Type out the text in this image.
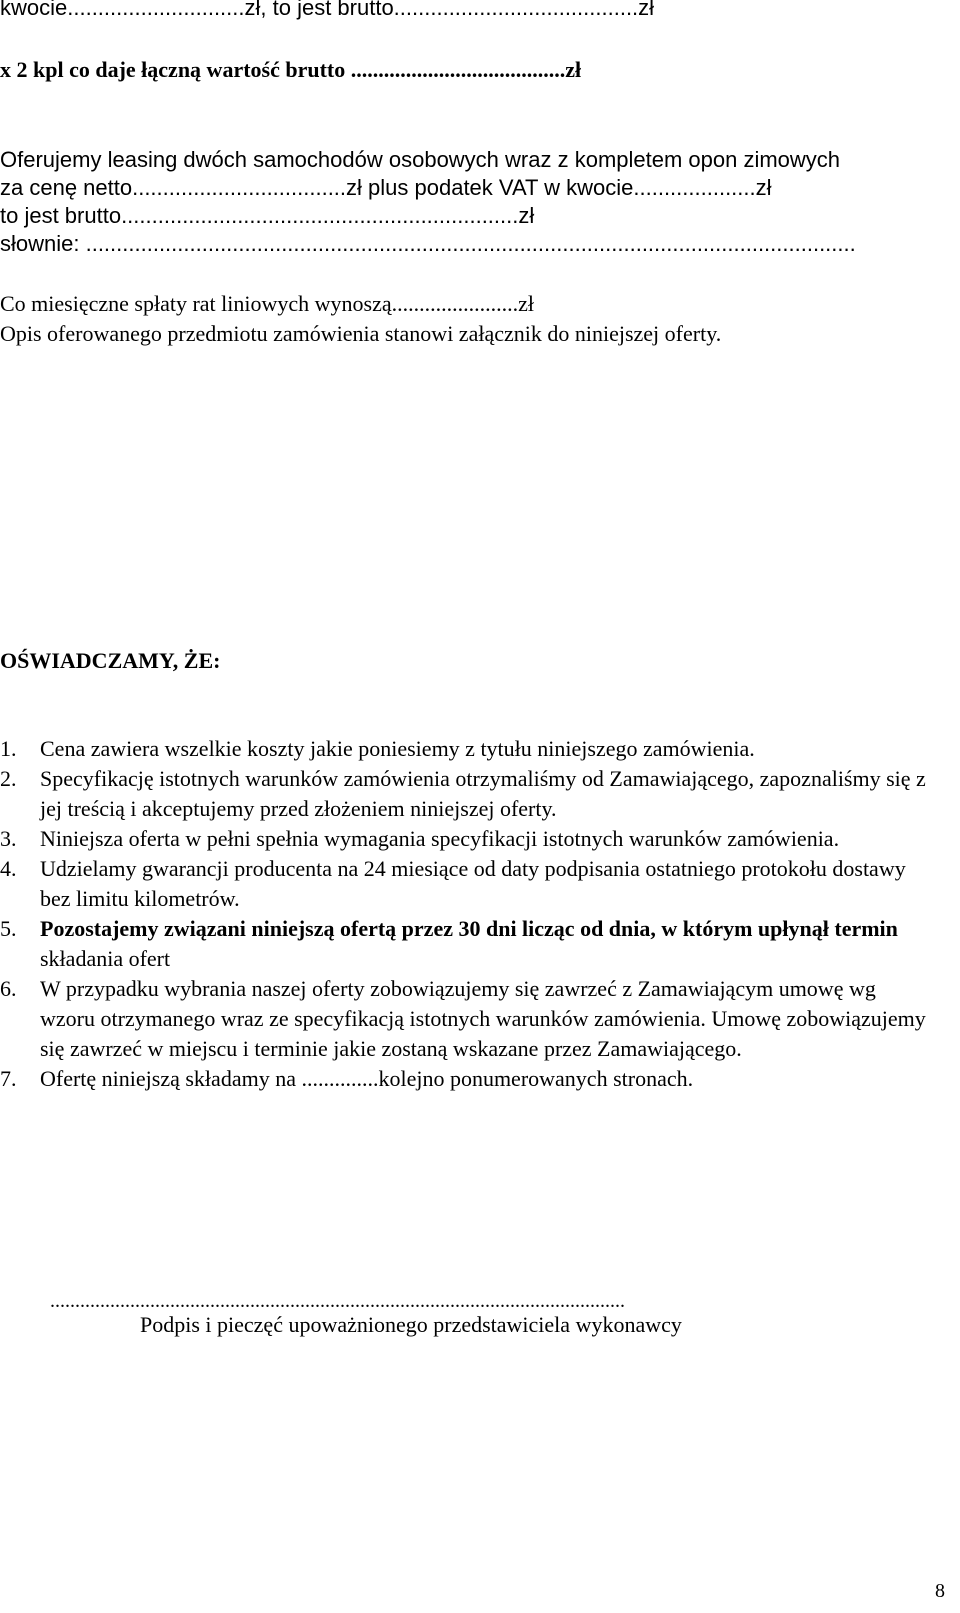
kwocie.............................zł, to jest brutto........................................zł
x 2 kpl co daje łączną wartość brutto .......................................zł
Oferujemy leasing dwóch samochodów osobowych wraz z kompletem opon zimowych
za cenę netto...................................zł plus podatek VAT w kwocie....................zł
to jest brutto.................................................................zł
słownie: ..............................................................................................................................
Co miesięczne spłaty rat liniowych wynoszą.......................zł
Opis oferowanego przedmiotu zamówienia stanowi załącznik do niniejszej oferty.
OŚWIADCZAMY, ŻE:
1. Cena zawiera wszelkie koszty jakie poniesiemy z tytułu niniejszego zamówienia.
2. Specyfikację istotnych warunków zamówienia otrzymaliśmy od Zamawiającego, zapoznaliśmy się z jej treścią i akceptujemy przed złożeniem niniejszej oferty.
3. Niniejsza oferta w pełni spełnia wymagania specyfikacji istotnych warunków zamówienia.
4. Udzielamy gwarancji producenta na 24 miesiące od daty podpisania ostatniego protokołu dostawy bez limitu kilometrów.
5. Pozostajemy związani niniejszą ofertą przez 30 dni licząc od dnia, w którym upłynął termin składania ofert
6. W przypadku wybrania naszej oferty zobowiązujemy się zawrzeć z Zamawiającym umowę wg wzoru otrzymanego wraz ze specyfikacją istotnych warunków zamówienia. Umowę zobowiązujemy się zawrzeć w miejscu i terminie jakie zostaną wskazane przez Zamawiającego.
7. Ofertę niniejszą składamy na ..............kolejno ponumerowanych stronach.
...................................................................................................................
Podpis i pieczęć upoważnionego przedstawiciela wykonawcy
8
